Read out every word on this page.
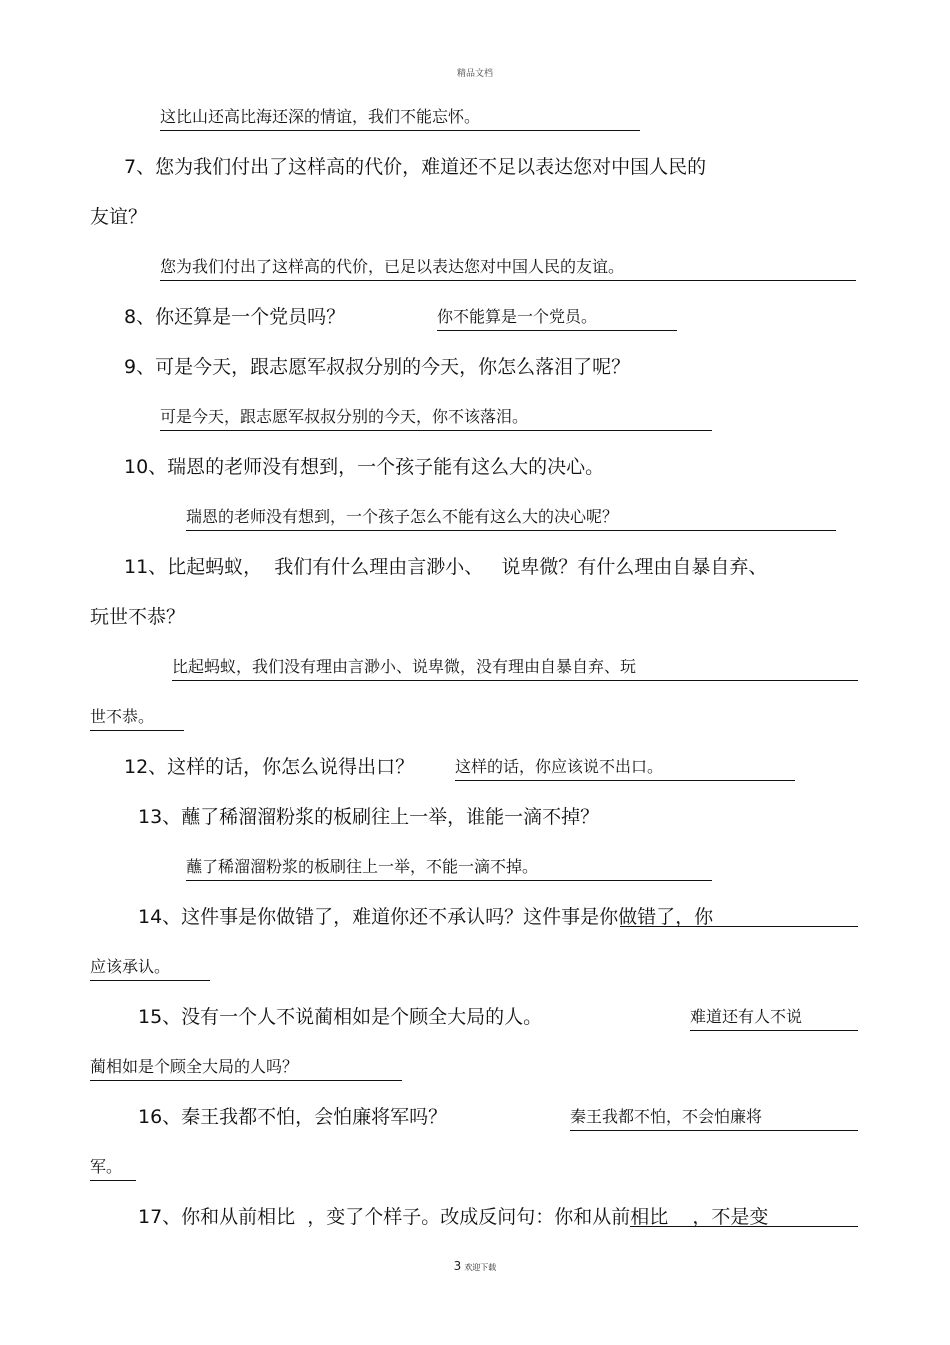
精品文档
这比山还高比海还深的情谊，我们不能忘怀。
7、您为我们付出了这样高的代价，难道还不足以表达您对中国人民的
友谊？
您为我们付出了这样高的代价，已足以表达您对中国人民的友谊。
8、你还算是一个党员吗？	你不能算是一个党员。
9、可是今天，跟志愿军叔叔分别的今天，你怎么落泪了呢？
可是今天，跟志愿军叔叔分别的今天，你不该落泪。
10、瑞恩的老师没有想到，一个孩子能有这么大的决心。
瑞恩的老师没有想到，一个孩子怎么不能有这么大的决心呢？
11、比起蚂蚁，  我们有什么理由言渺小、   说卑微？有什么理由自暴自弃、
玩世不恭？
比起蚂蚁，我们没有理由言渺小、说卑微，没有理由自暴自弃、玩
世不恭。
12、这样的话，你怎么说得出口？	这样的话，你应该说不出口。
13、蘸了稀溜溜粉浆的板刷往上一举，谁能一滴不掉？
蘸了稀溜溜粉浆的板刷往上一举，不能一滴不掉。
14、这件事是你做错了，难道你还不承认吗？这件事是你做错了，你
应该承认。
15、没有一个人不说蔺相如是个顾全大局的人。	难道还有人不说
蔺相如是个顾全大局的人吗？
16、秦王我都不怕，会怕廉将军吗？	秦王我都不怕，不会怕廉将
军。
17、你和从前相比  ，变了个样子。改成反问句：你和从前相比    ，不是变
3 欢迎下载
